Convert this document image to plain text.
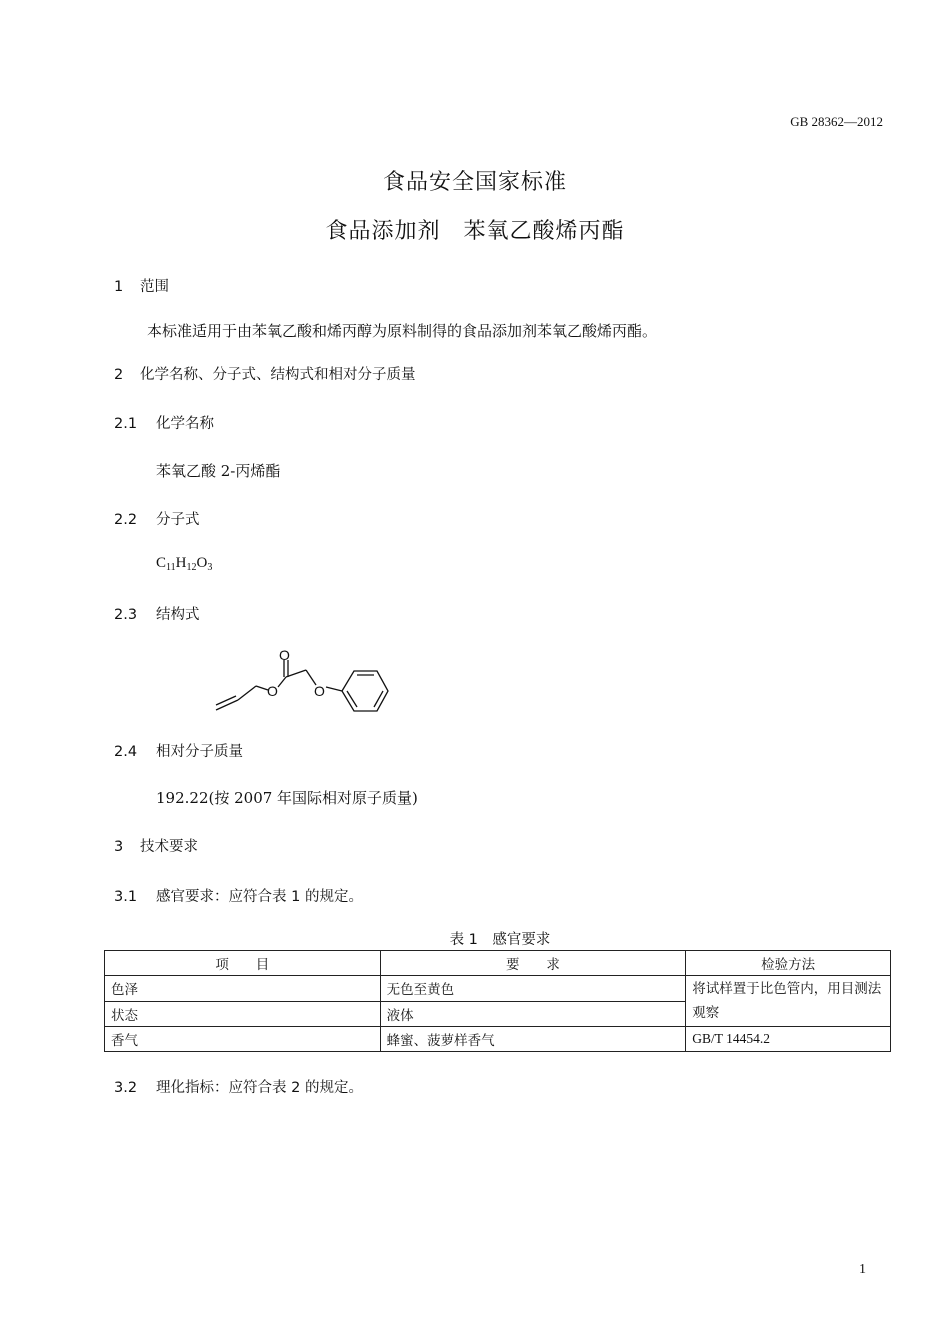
GB 28362—2012
食品安全国家标准
食品添加剂　苯氧乙酸烯丙酯
1 范围
本标准适用于由苯氧乙酸和烯丙醇为原料制得的食品添加剂苯氧乙酸烯丙酯。
2 化学名称、分子式、结构式和相对分子质量
2.1 化学名称
苯氧乙酸 2-丙烯酯
2.2 分子式
$C_{11}H_{12}O_3$
2.3 结构式
O
O	O
2.4 相对分子质量
192.22(按 2007 年国际相对原子质量)
3 技术要求
3.1 感官要求：应符合表 1 的规定。
表 1　感官要求
项　　目	要　　求	检验方法
色泽	无色至黄色	将试样置于比色管内，用目测法观察
状态	液体	
香气	蜂蜜、菠萝样香气	GB/T 14454.2
3.2 理化指标：应符合表 2 的规定。
1
